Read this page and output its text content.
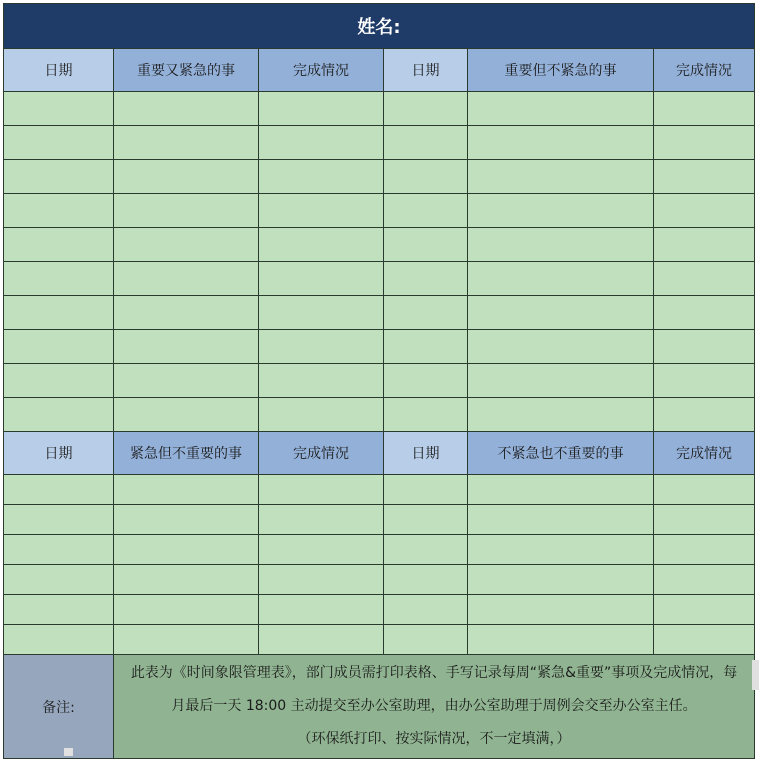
姓名:					
日期	重要又紧急的事	完成情况	日期	重要但不紧急的事	完成情况

日期	紧急但不重要的事	完成情况	日期	不紧急也不重要的事	完成情况

备注:	此表为《时间象限管理表》，部门成员需打印表格、手写记录每周“紧急&重要”事项及完成情况，每
月最后一天 18:00 主动提交至办公室助理，由办公室助理于周例会交至办公室主任。
（环保纸打印、按实际情况，不一定填满，）				
